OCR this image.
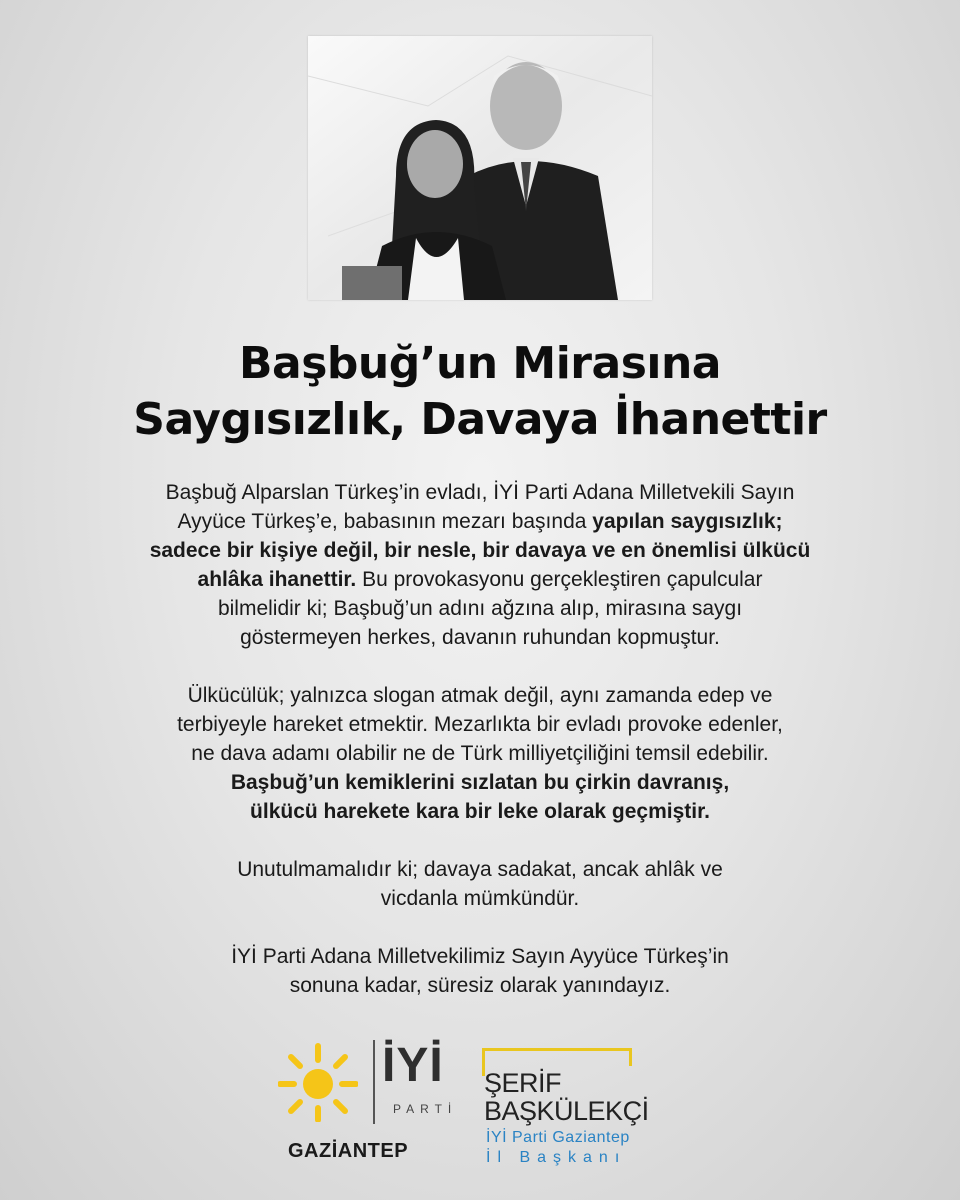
Başbuğ’un Mirasına
Saygısızlık, Davaya İhanettir
Başbuğ Alparslan Türkeş’in evladı, İYİ Parti Adana Milletvekili Sayın
Ayyüce Türkeş’e, babasının mezarı başında yapılan saygısızlık;
sadece bir kişiye değil, bir nesle, bir davaya ve en önemlisi ülkücü
ahlâka ihanettir. Bu provokasyonu gerçekleştiren çapulcular
bilmelidir ki; Başbuğ’un adını ağzına alıp, mirasına saygı
göstermeyen herkes, davanın ruhundan kopmuştur.
Ülkücülük; yalnızca slogan atmak değil, aynı zamanda edep ve
terbiyeyle hareket etmektir. Mezarlıkta bir evladı provoke edenler,
ne dava adamı olabilir ne de Türk milliyetçiliğini temsil edebilir.
Başbuğ’un kemiklerini sızlatan bu çirkin davranış,
ülkücü harekete kara bir leke olarak geçmiştir.
Unutulmamalıdır ki; davaya sadakat, ancak ahlâk ve
vicdanla mümkündür.
İYİ Parti Adana Milletvekilimiz Sayın Ayyüce Türkeş’in
sonuna kadar, süresiz olarak yanındayız.
İYİ
PARTİ
GAZİANTEP
ŞERİF
BAŞKÜLEKÇİ
İYİ Parti Gaziantep
İl Başkanı
